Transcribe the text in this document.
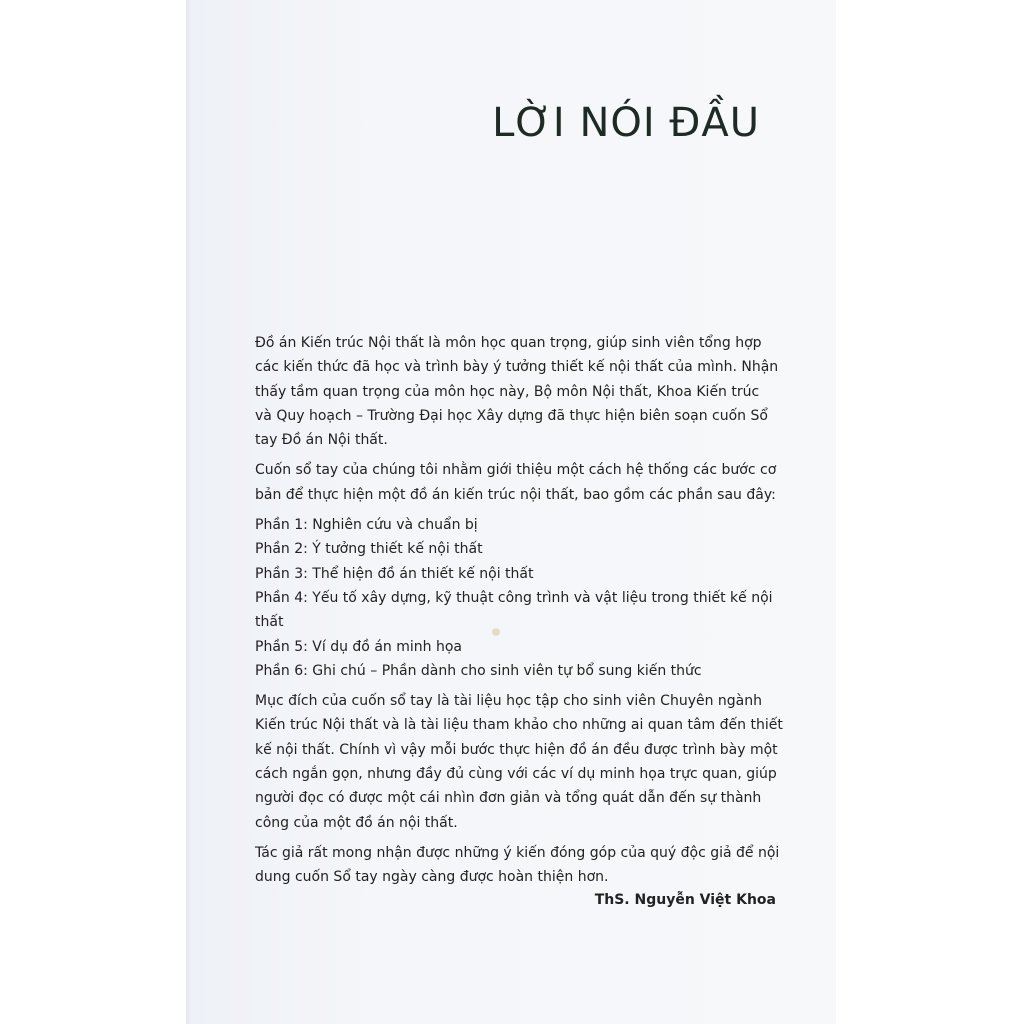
LỜI NÓI ĐẦU

Đồ án Kiến trúc Nội thất là môn học quan trọng, giúp sinh viên tổng hợp
các kiến thức đã học và trình bày ý tưởng thiết kế nội thất của mình. Nhận
thấy tầm quan trọng của môn học này, Bộ môn Nội thất, Khoa Kiến trúc
và Quy hoạch – Trường Đại học Xây dựng đã thực hiện biên soạn cuốn Sổ
tay Đồ án Nội thất.

Cuốn sổ tay của chúng tôi nhằm giới thiệu một cách hệ thống các bước cơ
bản để thực hiện một đồ án kiến trúc nội thất, bao gồm các phần sau đây:

Phần 1: Nghiên cứu và chuẩn bị
Phần 2: Ý tưởng thiết kế nội thất
Phần 3: Thể hiện đồ án thiết kế nội thất
Phần 4: Yếu tố xây dựng, kỹ thuật công trình và vật liệu trong thiết kế nội
thất
Phần 5: Ví dụ đồ án minh họa
Phần 6: Ghi chú – Phần dành cho sinh viên tự bổ sung kiến thức

Mục đích của cuốn sổ tay là tài liệu học tập cho sinh viên Chuyên ngành
Kiến trúc Nội thất và là tài liệu tham khảo cho những ai quan tâm đến thiết
kế nội thất. Chính vì vậy mỗi bước thực hiện đồ án đều được trình bày một
cách ngắn gọn, nhưng đầy đủ cùng với các ví dụ minh họa trực quan, giúp
người đọc có được một cái nhìn đơn giản và tổng quát dẫn đến sự thành
công của một đồ án nội thất.

Tác giả rất mong nhận được những ý kiến đóng góp của quý độc giả để nội
dung cuốn Sổ tay ngày càng được hoàn thiện hơn.

ThS. Nguyễn Việt Khoa
